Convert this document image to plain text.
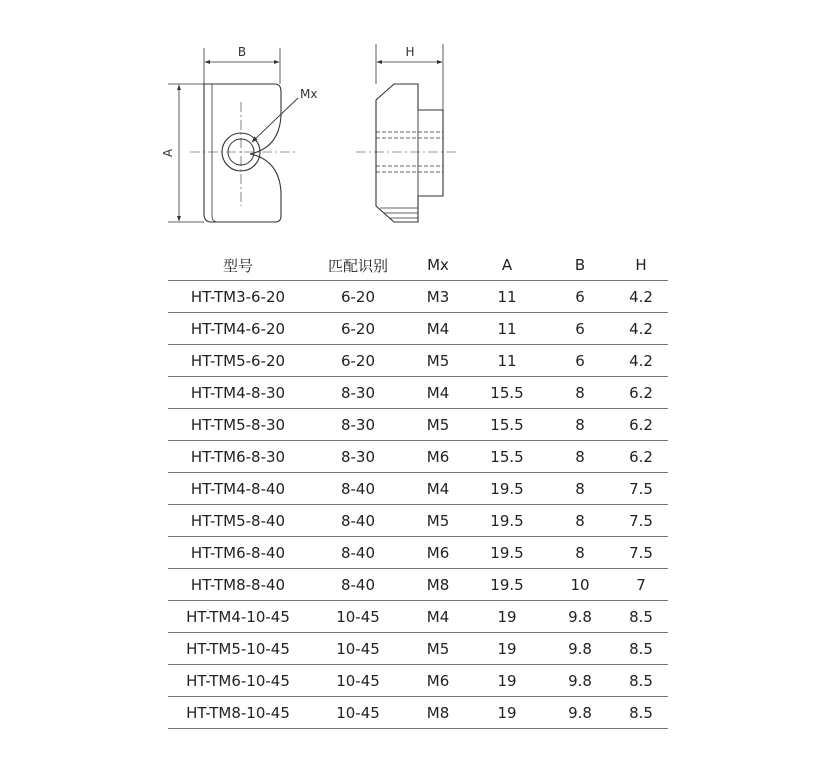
B
A
Mx
H
型号	匹配识别	Mx	A	B	H
HT-TM3-6-20	6-20	M3	11	6	4.2
HT-TM4-6-20	6-20	M4	11	6	4.2
HT-TM5-6-20	6-20	M5	11	6	4.2
HT-TM4-8-30	8-30	M4	15.5	8	6.2
HT-TM5-8-30	8-30	M5	15.5	8	6.2
HT-TM6-8-30	8-30	M6	15.5	8	6.2
HT-TM4-8-40	8-40	M4	19.5	8	7.5
HT-TM5-8-40	8-40	M5	19.5	8	7.5
HT-TM6-8-40	8-40	M6	19.5	8	7.5
HT-TM8-8-40	8-40	M8	19.5	10	7
HT-TM4-10-45	10-45	M4	19	9.8	8.5
HT-TM5-10-45	10-45	M5	19	9.8	8.5
HT-TM6-10-45	10-45	M6	19	9.8	8.5
HT-TM8-10-45	10-45	M8	19	9.8	8.5
